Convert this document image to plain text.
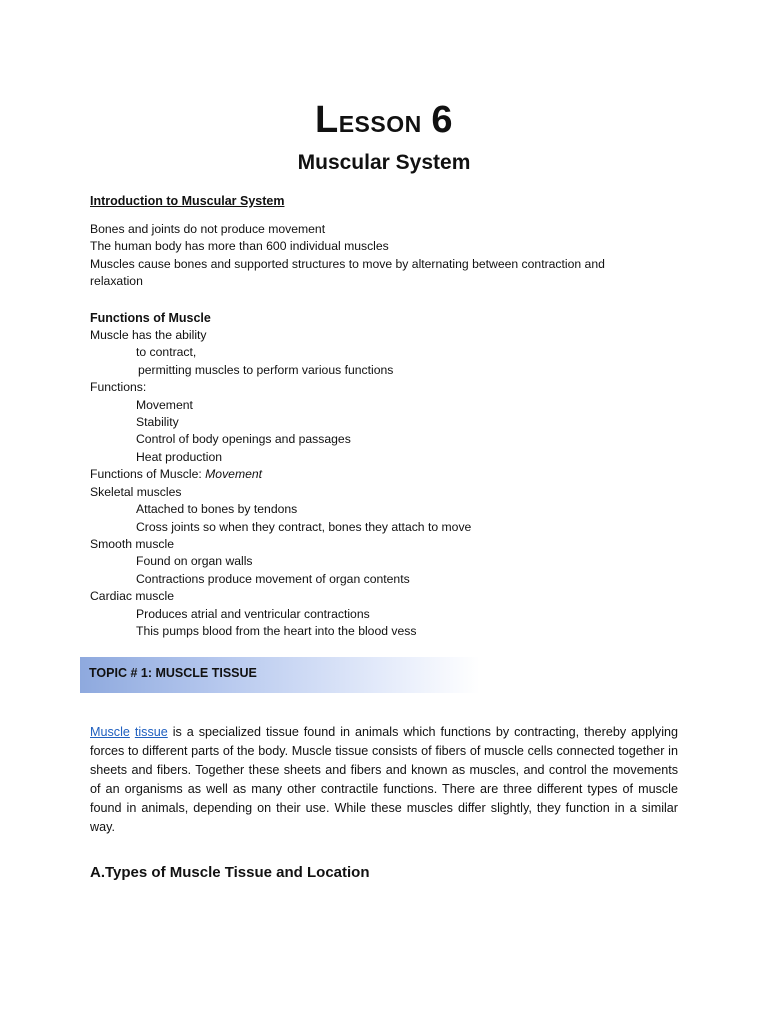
Lesson 6
Muscular System
Introduction to Muscular System
Bones and joints do not produce movement
The human body has more than 600 individual muscles
Muscles cause bones and supported structures to move by alternating between contraction and relaxation
Functions of Muscle
Muscle has the ability
to contract,
permitting muscles to perform various functions
Functions:
Movement
Stability
Control of body openings and passages
Heat production
Functions of Muscle: Movement
Skeletal muscles
Attached to bones by tendons
Cross joints so when they contract, bones they attach to move
Smooth muscle
Found on organ walls
Contractions produce movement of organ contents
Cardiac muscle
Produces atrial and ventricular contractions
This pumps blood from the heart into the blood vess
TOPIC # 1: MUSCLE TISSUE
Muscle tissue is a specialized tissue found in animals which functions by contracting, thereby applying forces to different parts of the body. Muscle tissue consists of fibers of muscle cells connected together in sheets and fibers. Together these sheets and fibers and known as muscles, and control the movements of an organisms as well as many other contractile functions. There are three different types of muscle found in animals, depending on their use. While these muscles differ slightly, they function in a similar way.
A.Types of Muscle Tissue and Location
